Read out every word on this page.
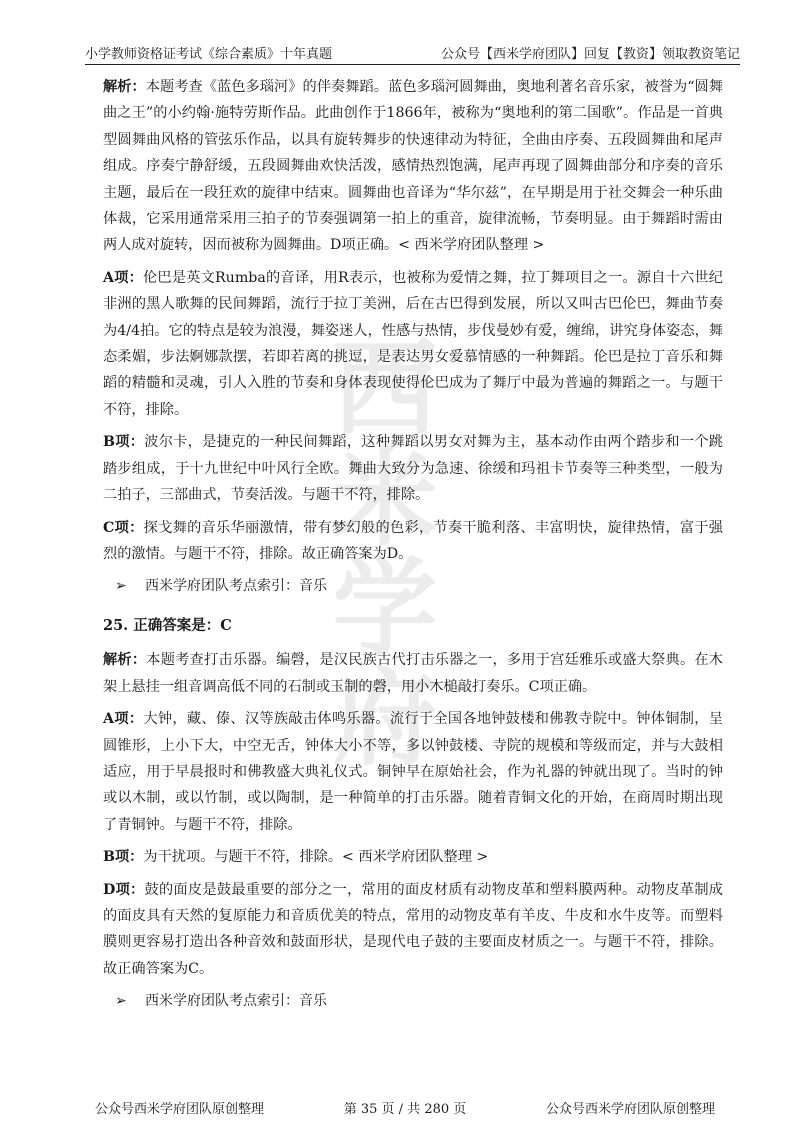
小学教师资格证考试《综合素质》十年真题	公众号【西米学府团队】回复【教资】领取教资笔记
西
米
学
府

解析：本题考查《蓝色多瑙河》的伴奏舞蹈。蓝色多瑙河圆舞曲，奥地利著名音乐家，被誉为“圆舞曲之王”的小约翰·施特劳斯作品。此曲创作于1866年，被称为“奥地利的第二国歌”。作品是一首典型圆舞曲风格的管弦乐作品，以具有旋转舞步的快速律动为特征，全曲由序奏、五段圆舞曲和尾声组成。序奏宁静舒缓，五段圆舞曲欢快活泼，感情热烈饱满，尾声再现了圆舞曲部分和序奏的音乐主题，最后在一段狂欢的旋律中结束。圆舞曲也音译为“华尔兹”，在早期是用于社交舞会一种乐曲体裁，它采用通常采用三拍子的节奏强调第一拍上的重音，旋律流畅，节奏明显。由于舞蹈时需由两人成对旋转，因而被称为圆舞曲。D项正确。< 西米学府团队整理 >

A项：伦巴是英文Rumba的音译，用R表示，也被称为爱情之舞，拉丁舞项目之一。源自十六世纪非洲的黑人歌舞的民间舞蹈，流行于拉丁美洲，后在古巴得到发展，所以又叫古巴伦巴，舞曲节奏为4/4拍。它的特点是较为浪漫，舞姿迷人，性感与热情，步伐曼妙有爱，缠绵，讲究身体姿态，舞态柔媚，步法婀娜款摆，若即若离的挑逗，是表达男女爱慕情感的一种舞蹈。伦巴是拉丁音乐和舞蹈的精髓和灵魂，引人入胜的节奏和身体表现使得伦巴成为了舞厅中最为普遍的舞蹈之一。与题干不符，排除。

B项：波尔卡，是捷克的一种民间舞蹈，这种舞蹈以男女对舞为主，基本动作由两个踏步和一个跳踏步组成，于十九世纪中叶风行全欧。舞曲大致分为急速、徐缓和玛祖卡节奏等三种类型，一般为二拍子，三部曲式，节奏活泼。与题干不符，排除。

C项：探戈舞的音乐华丽激情，带有梦幻般的色彩，节奏干脆利落、丰富明快，旋律热情，富于强烈的激情。与题干不符，排除。故正确答案为D。

➢ 西米学府团队考点索引：音乐
25. 正确答案是：C

解析：本题考查打击乐器。编磬，是汉民族古代打击乐器之一，多用于宫廷雅乐或盛大祭典。在木架上悬挂一组音调高低不同的石制或玉制的磬，用小木槌敲打奏乐。C项正确。

A项：大钟，藏、傣、汉等族敲击体鸣乐器。流行于全国各地钟鼓楼和佛教寺院中。钟体铜制，呈圆锥形，上小下大，中空无舌，钟体大小不等，多以钟鼓楼、寺院的规模和等级而定，并与大鼓相适应，用于早晨报时和佛教盛大典礼仪式。铜钟早在原始社会，作为礼器的钟就出现了。当时的钟或以木制，或以竹制，或以陶制，是一种简单的打击乐器。随着青铜文化的开始，在商周时期出现了青铜钟。与题干不符，排除。

B项：为干扰项。与题干不符，排除。< 西米学府团队整理 >

D项：鼓的面皮是鼓最重要的部分之一，常用的面皮材质有动物皮革和塑料膜两种。动物皮革制成的面皮具有天然的复原能力和音质优美的特点，常用的动物皮革有羊皮、牛皮和水牛皮等。而塑料膜则更容易打造出各种音效和鼓面形状，是现代电子鼓的主要面皮材质之一。与题干不符，排除。故正确答案为C。

➢ 西米学府团队考点索引：音乐
公众号西米学府团队原创整理	第 35 页 / 共 280 页	公众号西米学府团队原创整理
